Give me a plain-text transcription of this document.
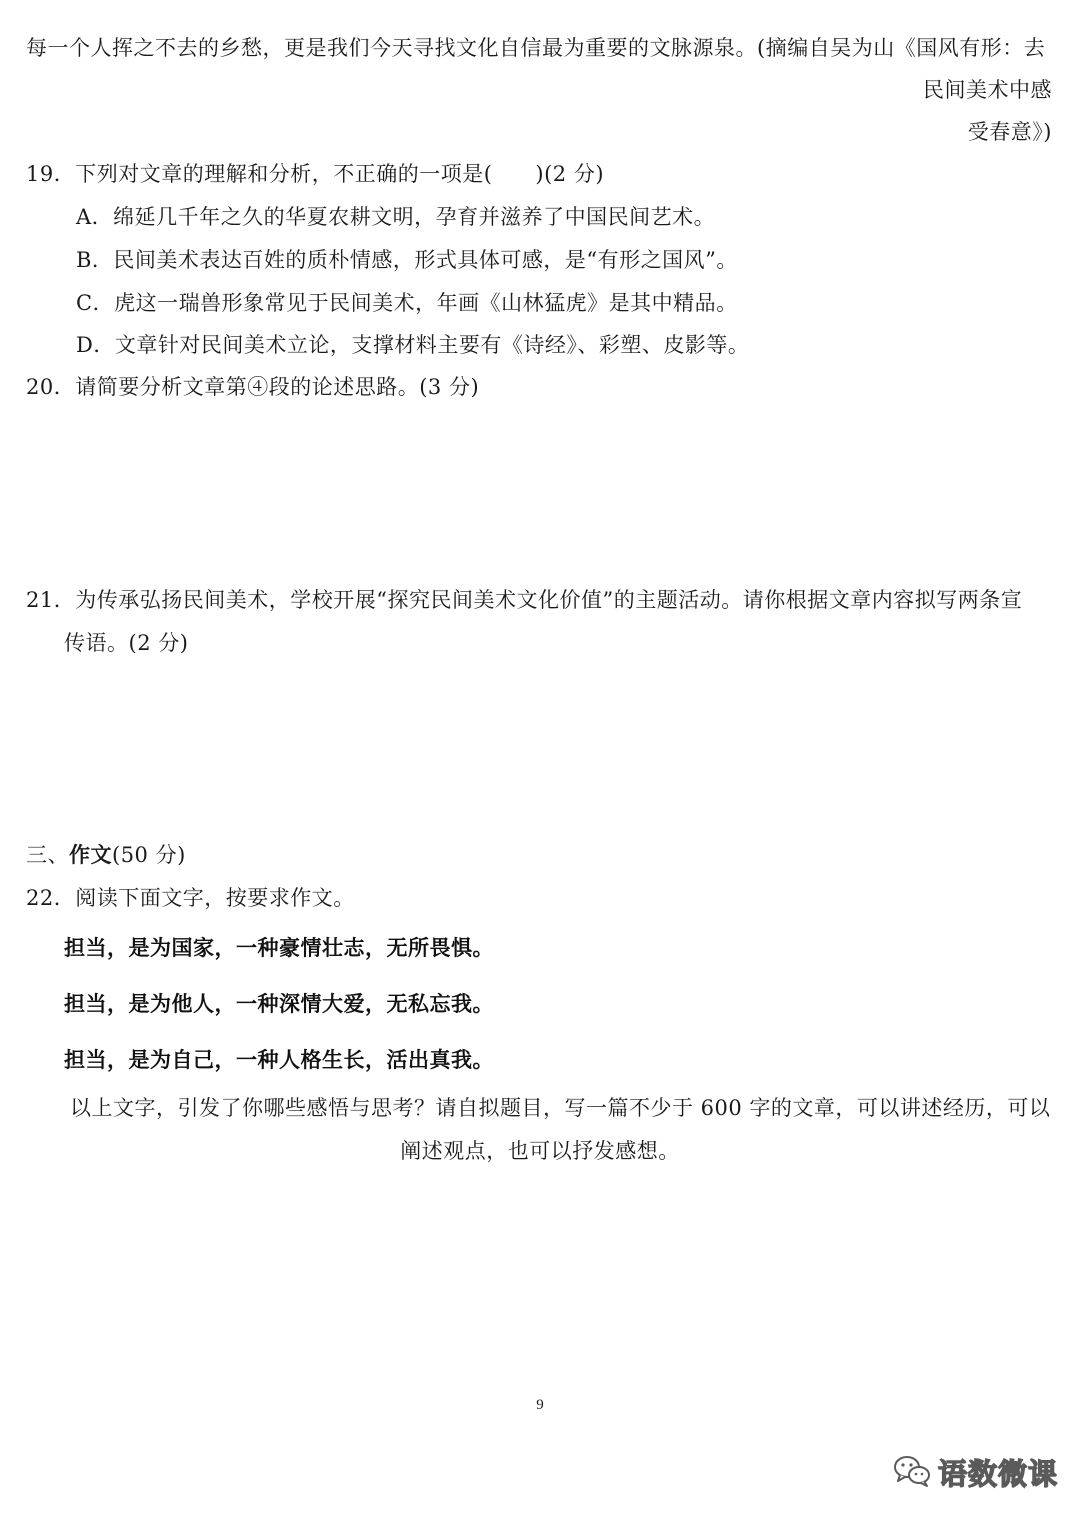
每一个人挥之不去的乡愁，更是我们今天寻找文化自信最为重要的文脉源泉。(摘编自吴为山《国风有形：去
民间美术中感
受春意》)
19．下列对文章的理解和分析，不正确的一项是(　　)(2 分)
A．绵延几千年之久的华夏农耕文明，孕育并滋养了中国民间艺术。
B．民间美术表达百姓的质朴情感，形式具体可感，是“有形之国风”。
C．虎这一瑞兽形象常见于民间美术，年画《山林猛虎》是其中精品。
D．文章针对民间美术立论，支撑材料主要有《诗经》、彩塑、皮影等。
20．请简要分析文章第④段的论述思路。(3 分)
21．为传承弘扬民间美术，学校开展“探究民间美术文化价值”的主题活动。请你根据文章内容拟写两条宣
传语。(2 分)
三、作文(50 分)
22．阅读下面文字，按要求作文。
担当，是为国家，一种豪情壮志，无所畏惧。
担当，是为他人，一种深情大爱，无私忘我。
担当，是为自己，一种人格生长，活出真我。
以上文字，引发了你哪些感悟与思考？请自拟题目，写一篇不少于 600 字的文章，可以讲述经历，可以
阐述观点，也可以抒发感想。
9
语数微课
